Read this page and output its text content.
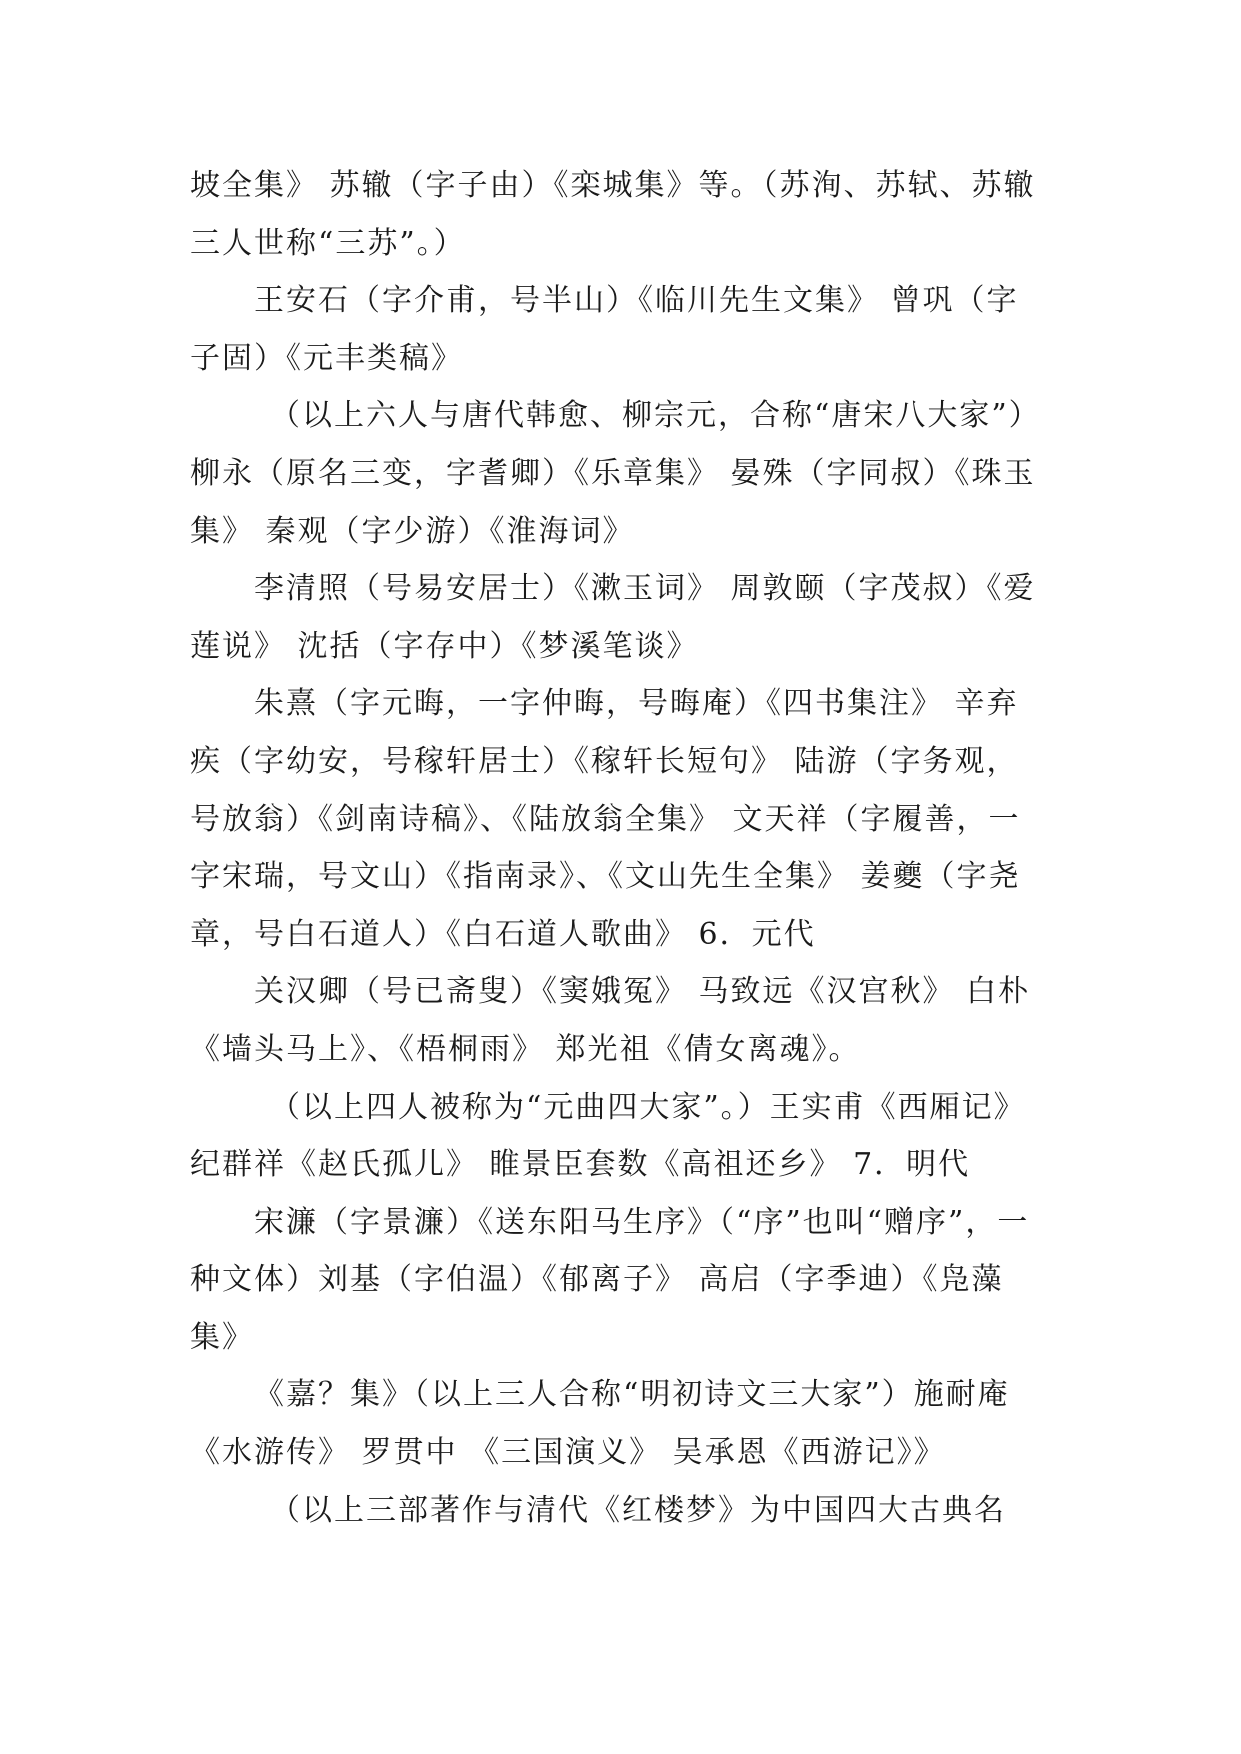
坡全集》 苏辙（字子由）《栾城集》等。（苏洵、苏轼、苏辙三人世称“三苏”。）

王安石（字介甫，号半山）《临川先生文集》 曾巩（字子固）《元丰类稿》

（以上六人与唐代韩愈、柳宗元，合称“唐宋八大家”）柳永（原名三变，字耆卿）《乐章集》 晏殊（字同叔）《珠玉集》 秦观（字少游）《淮海词》

李清照（号易安居士）《漱玉词》 周敦颐（字茂叔）《爱莲说》 沈括（字存中）《梦溪笔谈》

朱熹（字元晦，一字仲晦，号晦庵）《四书集注》 辛弃疾（字幼安，号稼轩居士）《稼轩长短句》 陆游（字务观，号放翁）《剑南诗稿》、《陆放翁全集》 文天祥（字履善，一字宋瑞，号文山）《指南录》、《文山先生全集》 姜夔（字尧章，号白石道人）《白石道人歌曲》 6．元代

关汉卿（号已斋叟）《窦娥冤》 马致远《汉宫秋》 白朴《墙头马上》、《梧桐雨》 郑光祖《倩女离魂》。

（以上四人被称为“元曲四大家”。）王实甫《西厢记》纪群祥《赵氏孤儿》 睢景臣套数《高祖还乡》 7．明代

宋濂（字景濂）《送东阳马生序》（“序”也叫“赠序”，一种文体）刘基（字伯温）《郁离子》 高启（字季迪）《凫藻集》

《嘉？集》（以上三人合称“明初诗文三大家”）施耐庵《水游传》 罗贯中 《三国演义》 吴承恩《西游记》》

（以上三部著作与清代《红楼梦》为中国四大古典名
